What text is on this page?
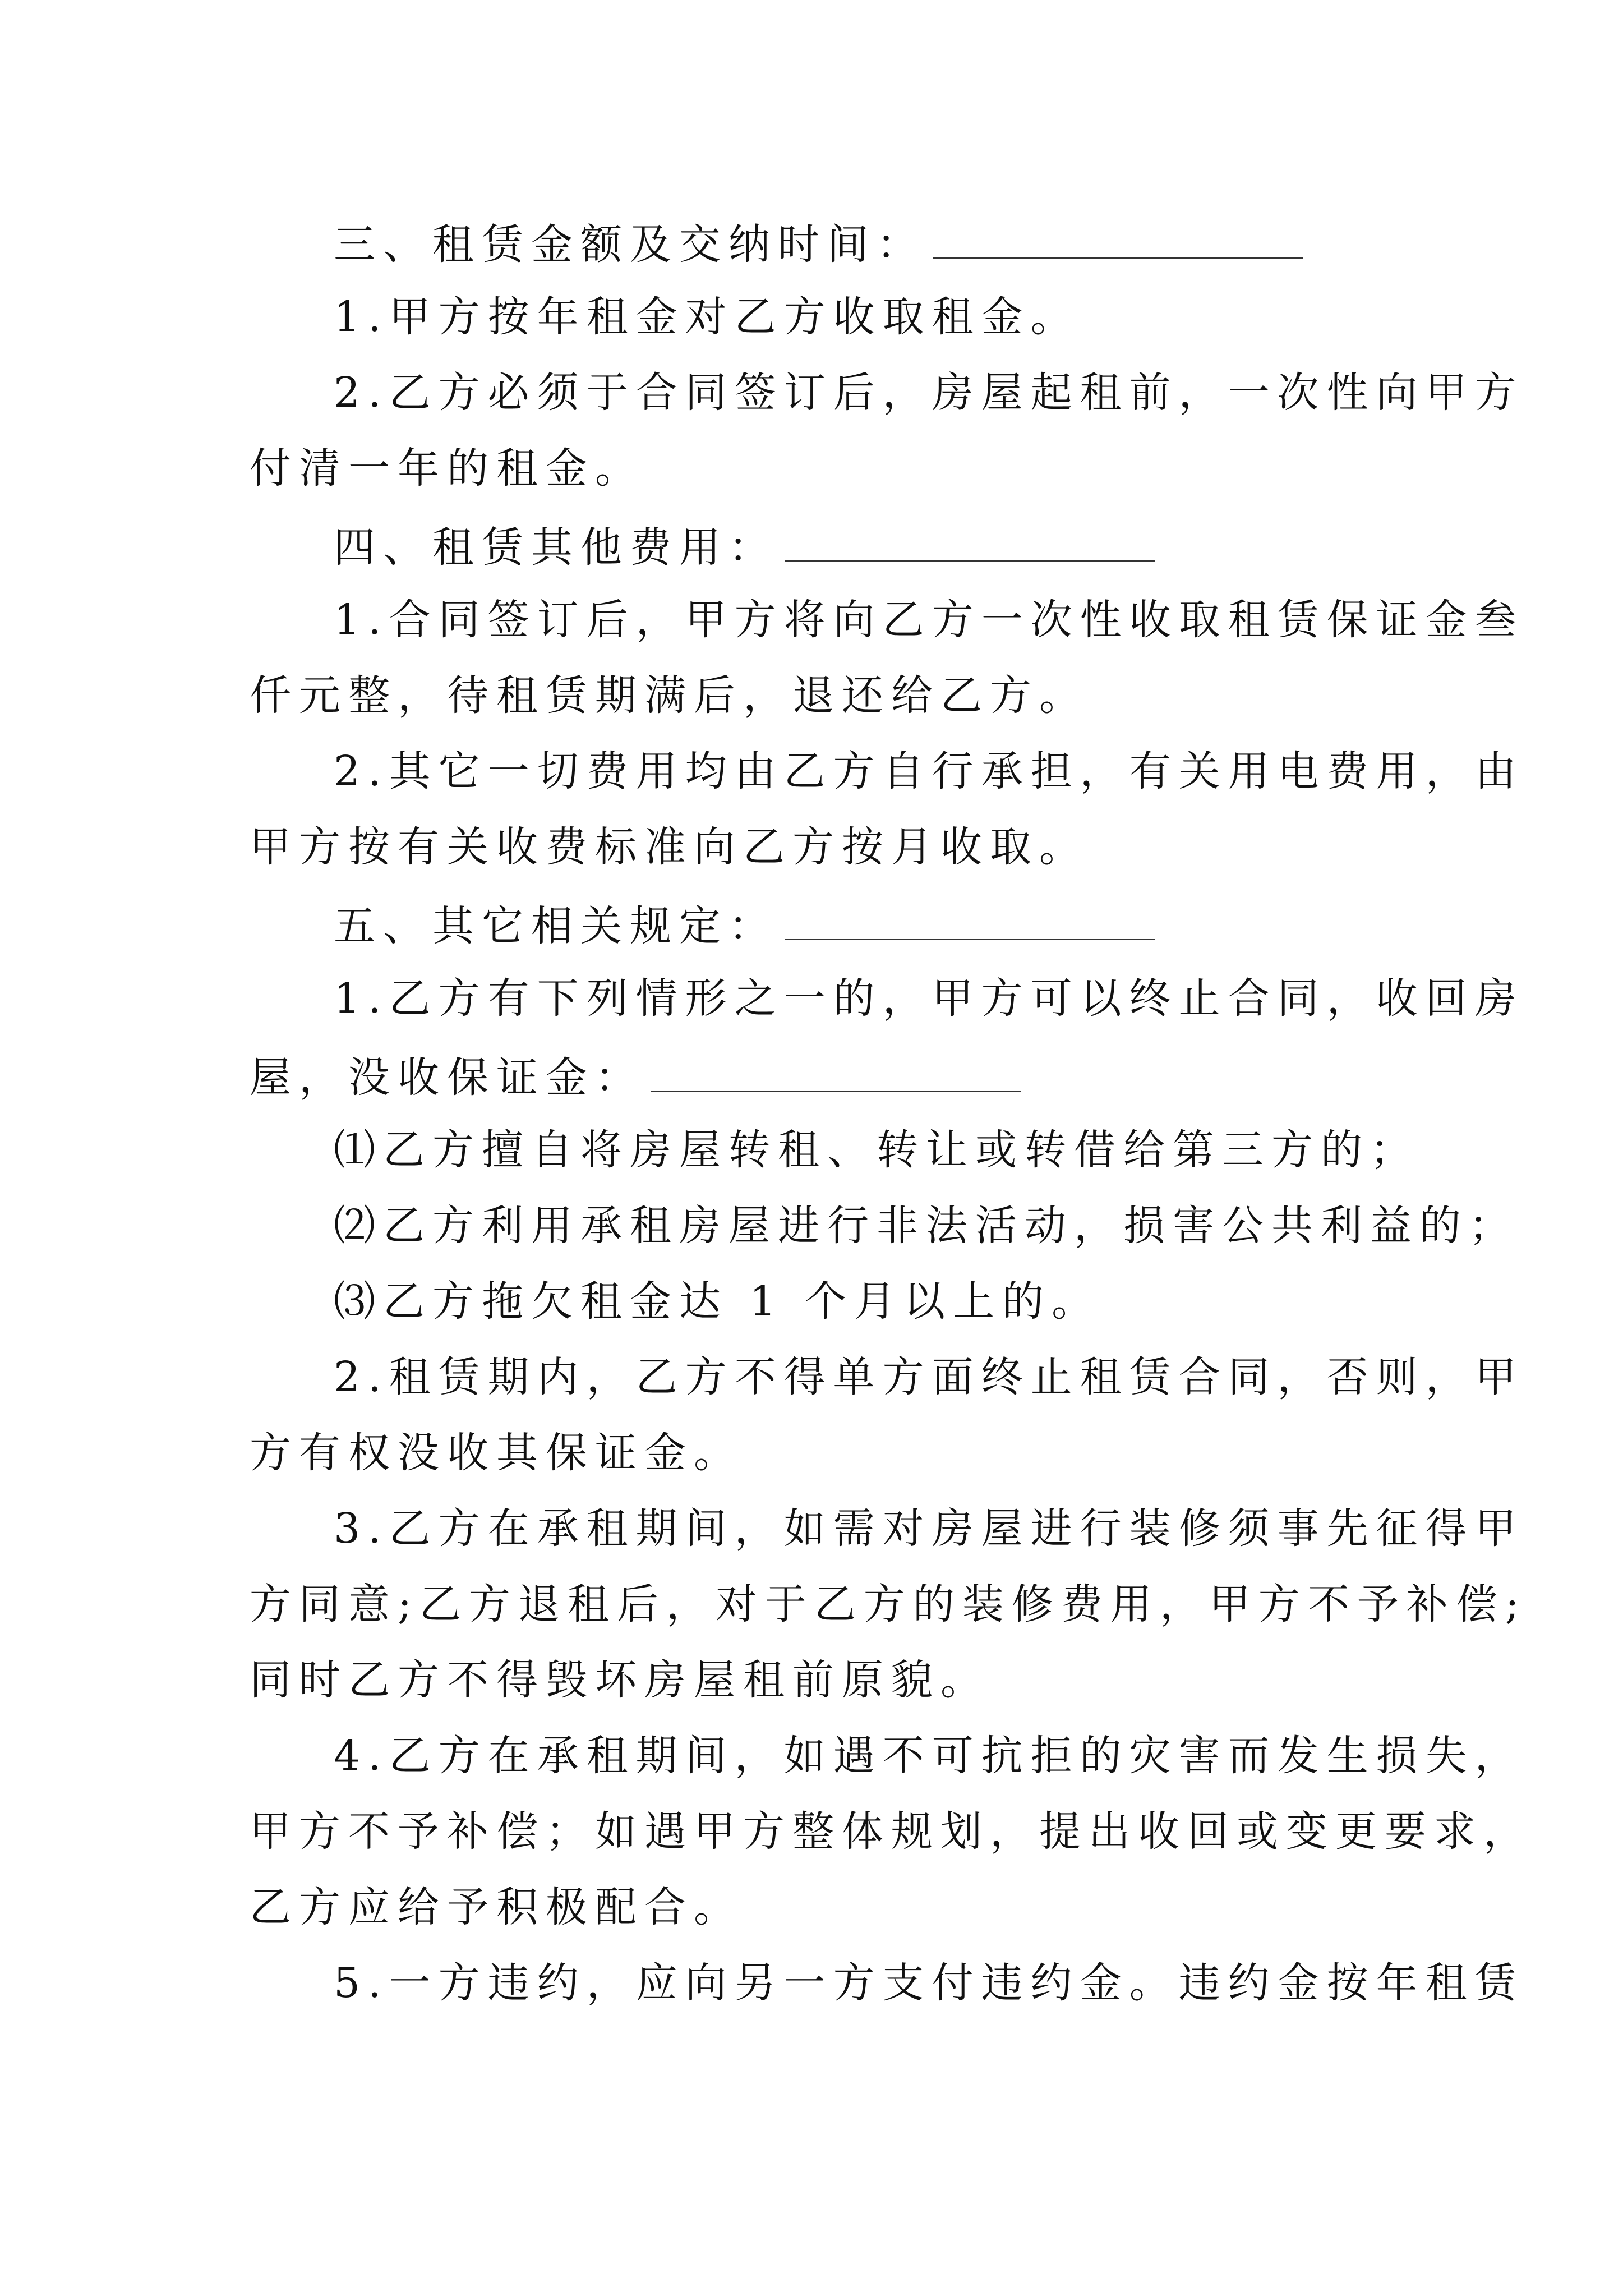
三、租赁金额及交纳时间：
1.甲方按年租金对乙方收取租金。
2.乙方必须于合同签订后，房屋起租前，一次性向甲方
付清一年的租金。
四、租赁其他费用：
1.合同签订后，甲方将向乙方一次性收取租赁保证金叁
仟元整，待租赁期满后，退还给乙方。
2.其它一切费用均由乙方自行承担，有关用电费用，由
甲方按有关收费标准向乙方按月收取。
五、其它相关规定：
1.乙方有下列情形之一的，甲方可以终止合同，收回房
屋，没收保证金：
⑴乙方擅自将房屋转租、转让或转借给第三方的；
⑵乙方利用承租房屋进行非法活动，损害公共利益的；
⑶乙方拖欠租金达 1 个月以上的。
2.租赁期内，乙方不得单方面终止租赁合同，否则，甲
方有权没收其保证金。
3.乙方在承租期间，如需对房屋进行装修须事先征得甲
方同意;乙方退租后，对于乙方的装修费用，甲方不予补偿;
同时乙方不得毁坏房屋租前原貌。
4.乙方在承租期间，如遇不可抗拒的灾害而发生损失，
甲方不予补偿；如遇甲方整体规划，提出收回或变更要求，
乙方应给予积极配合。
5.一方违约，应向另一方支付违约金。违约金按年租赁
